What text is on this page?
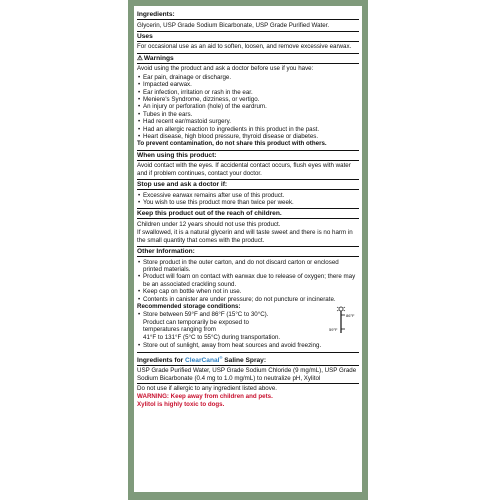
Ingredients:
Glycerin, USP Grade Sodium Bicarbonate, USP Grade Purified Water.
Uses
For occasional use as an aid to soften, loosen, and remove excessive earwax.
⚠Warnings
Avoid using the product and ask a doctor before use if you have:
• Ear pain, drainage or discharge.
• Impacted earwax.
• Ear infection, irritation or rash in the ear.
• Meniere's Syndrome, dizziness, or vertigo.
• An injury or perforation (hole) of the eardrum.
• Tubes in the ears.
• Had recent ear/mastoid surgery.
• Had an allergic reaction to ingredients in this product in the past.
• Heart disease, high blood pressure, thyroid disease or diabetes.
To prevent contamination, do not share this product with others.
When using this product:
Avoid contact with the eyes. If accidental contact occurs, flush eyes with water and if problem continues, contact your doctor.
Stop use and ask a doctor if:
• Excessive earwax remains after use of this product.
• You wish to use this product more than twice per week.
Keep this product out of the reach of children.
Children under 12 years should not use this product.
If swallowed, it is a natural glycerin and will taste sweet and there is no harm in the small quantity that comes with the product.
Other Information:
• Store product in the outer carton, and do not discard carton or enclosed printed materials.
• Product will foam on contact with earwax due to release of oxygen; there may be an associated crackling sound.
• Keep cap on bottle when not in use.
• Contents in canister are under pressure; do not puncture or incinerate.
Recommended storage conditions:
86°F
59°F
• Store between 59°F and 86°F (15°C to 30°C).
Product can temporarily be exposed to
temperatures ranging from
41°F to 131°F (5°C to 55°C) during transportation.
• Store out of sunlight, away from heat sources and avoid freezing.
Ingredients for ClearCanal® Saline Spray:
USP Grade Purified Water, USP Grade Sodium Chloride (9 mg/mL), USP Grade Sodium Bicarbonate (0.4 mg to 1.0 mg/mL) to neutralize pH, Xylitol
Do not use if allergic to any ingredient listed above.
WARNING: Keep away from children and pets.
Xylitol is highly toxic to dogs.
